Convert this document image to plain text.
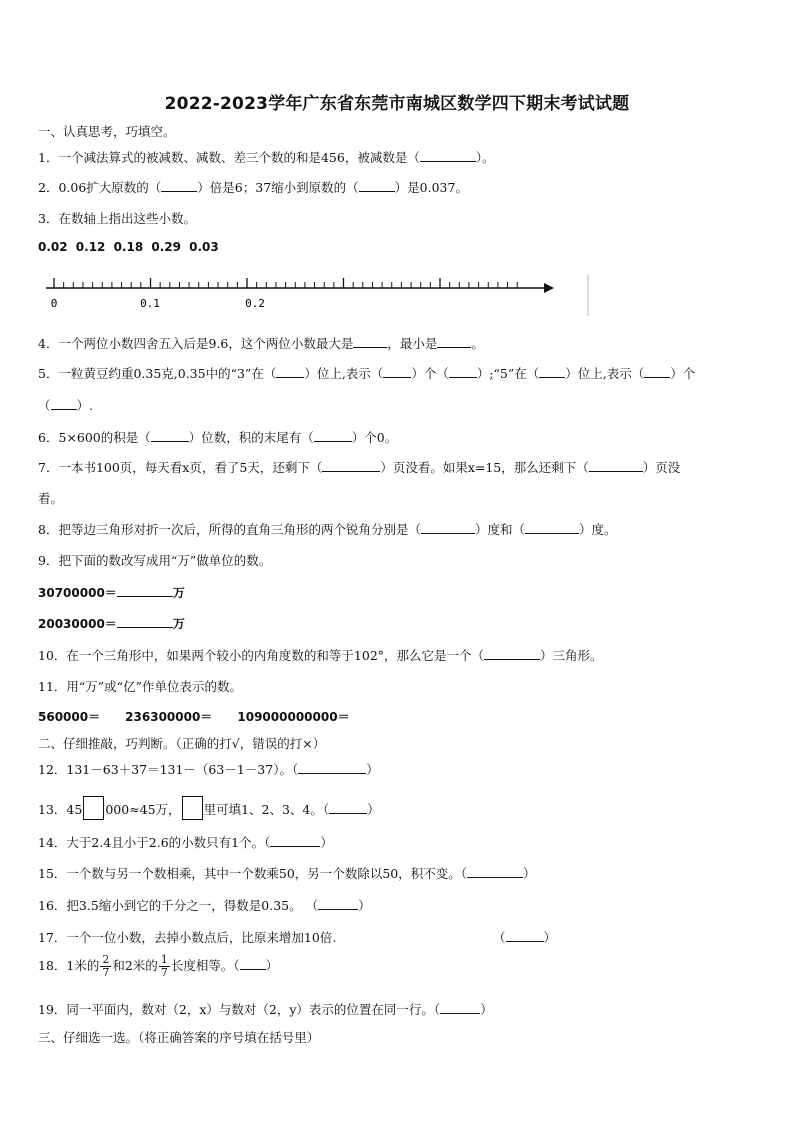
2022-2023学年广东省东莞市南城区数学四下期末考试试题
一、认真思考，巧填空。
1．一个减法算式的被减数、减数、差三个数的和是456，被减数是（	）。
2．0.06扩大原数的（	）倍是6；37缩小到原数的（	）是0.037。
3．在数轴上指出这些小数。
0.02 0.12 0.18 0.29 0.03
0	0.1	0.2
4．一个两位小数四舍五入后是9.6，这个两位小数最大是	，最小是	。
5．一粒黄豆约重0.35克,0.35中的“3”在（ ）位上,表示（ ）个（ ）;“5”在（ ）位上,表示（ ）个
（ ）.
6．5×600的积是（	）位数，积的末尾有（	）个0。
7．一本书100页，每天看x页，看了5天，还剩下（	）页没看。如果x=15，那么还剩下（	）页没
看。
8．把等边三角形对折一次后，所得的直角三角形的两个锐角分别是（	）度和（	）度。
9．把下面的数改写成用“万”做单位的数。
30700000＝	万
20030000＝	万
10．在一个三角形中，如果两个较小的内角度数的和等于102°，那么它是一个（	）三角形。
11．用“万”或“亿”作单位表示的数。
560000＝      236300000＝      109000000000＝
二、仔细推敲，巧判断。（正确的打√，错误的打×）
12．131－63＋37＝131－（63－1－37）。（	）
13．45 000≈45万， 里可填1、2、3、4。（	）
14．大于2.4且小于2.6的小数只有1个。（	）
15．一个数与另一个数相乘，其中一个数乘50，另一个数除以50，积不变。（	）
16．把3.5缩小到它的千分之一，得数是0.35。 （	）
17．一个一位小数，去掉小数点后，比原来增加10倍.	（	）
18．1米的 $\frac{2}{7}$ 和2米的 $\frac{1}{7}$ 长度相等。（ ）
19．同一平面内，数对（2，x）与数对（2，y）表示的位置在同一行。（	）
三、仔细选一选。（将正确答案的序号填在括号里）
